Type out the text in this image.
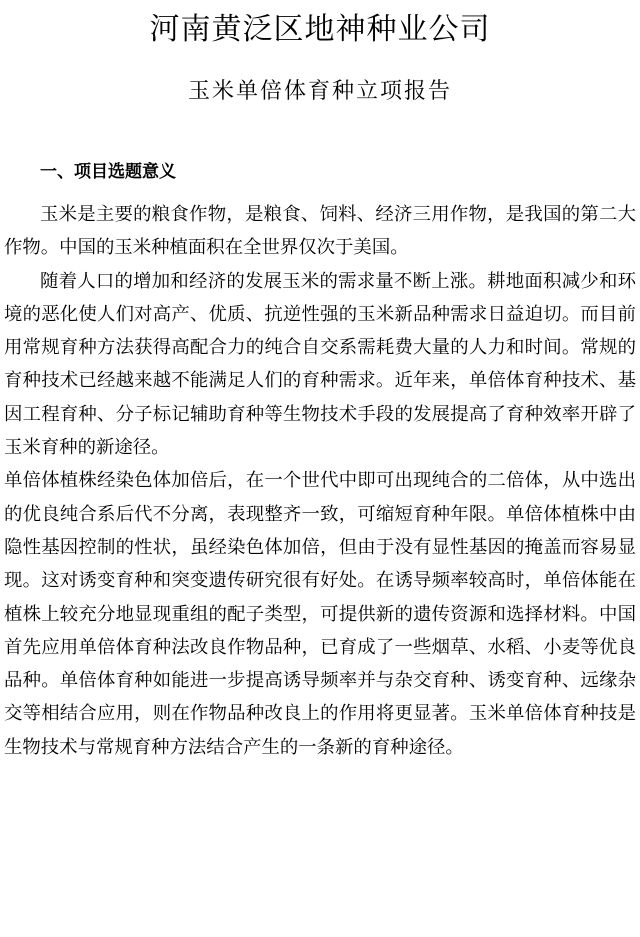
河南黄泛区地神种业公司
玉米单倍体育种立项报告
一、项目选题意义

玉米是主要的粮食作物，是粮食、饲料、经济三用作物，是我国的第二大作物。中国的玉米种植面积在全世界仅次于美国。

随着人口的增加和经济的发展玉米的需求量不断上涨。耕地面积减少和环境的恶化使人们对高产、优质、抗逆性强的玉米新品种需求日益迫切。而目前用常规育种方法获得高配合力的纯合自交系需耗费大量的人力和时间。常规的育种技术已经越来越不能满足人们的育种需求。近年来，单倍体育种技术、基因工程育种、分子标记辅助育种等生物技术手段的发展提高了育种效率开辟了玉米育种的新途径。

单倍体植株经染色体加倍后，在一个世代中即可出现纯合的二倍体，从中选出的优良纯合系后代不分离，表现整齐一致，可缩短育种年限。单倍体植株中由隐性基因控制的性状，虽经染色体加倍，但由于没有显性基因的掩盖而容易显现。这对诱变育种和突变遗传研究很有好处。在诱导频率较高时，单倍体能在植株上较充分地显现重组的配子类型，可提供新的遗传资源和选择材料。中国首先应用单倍体育种法改良作物品种，已育成了一些烟草、水稻、小麦等优良品种。单倍体育种如能进一步提高诱导频率并与杂交育种、诱变育种、远缘杂交等相结合应用，则在作物品种改良上的作用将更显著。玉米单倍体育种技是生物技术与常规育种方法结合产生的一条新的育种途径。
